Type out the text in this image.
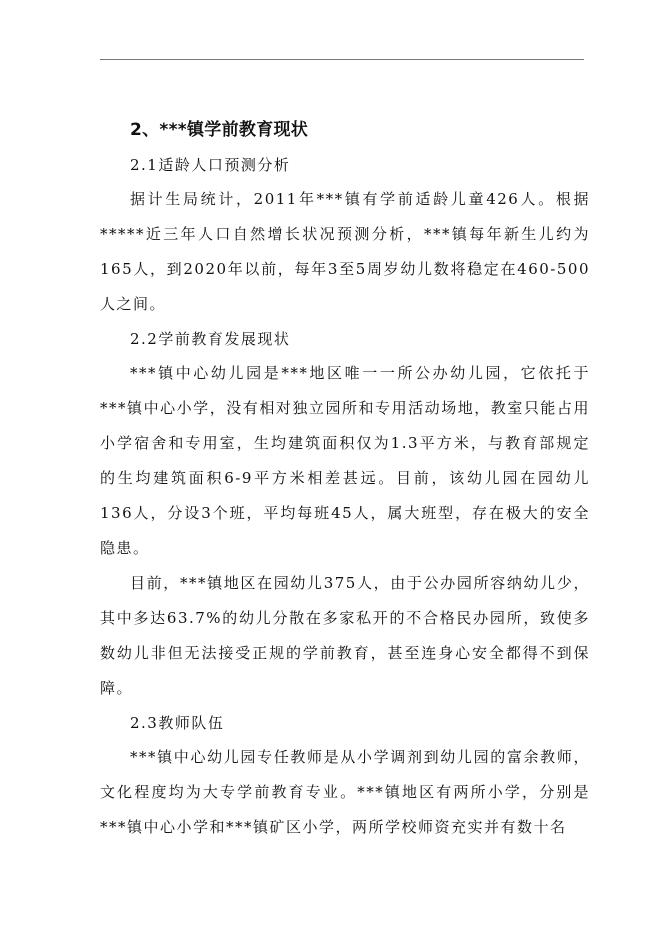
2、***镇学前教育现状
2.1适龄人口预测分析

据计生局统计，2011年***镇有学前适龄儿童426人。根据*****近三年人口自然增长状况预测分析，***镇每年新生儿约为165人，到2020年以前，每年3至5周岁幼儿数将稳定在460-500人之间。

2.2学前教育发展现状

***镇中心幼儿园是***地区唯一一所公办幼儿园，它依托于***镇中心小学，没有相对独立园所和专用活动场地，教室只能占用小学宿舍和专用室，生均建筑面积仅为1.3平方米，与教育部规定的生均建筑面积6-9平方米相差甚远。目前，该幼儿园在园幼儿136人，分设3个班，平均每班45人，属大班型，存在极大的安全隐患。

目前，***镇地区在园幼儿375人，由于公办园所容纳幼儿少，其中多达63.7%的幼儿分散在多家私开的不合格民办园所，致使多数幼儿非但无法接受正规的学前教育，甚至连身心安全都得不到保障。

2.3教师队伍

***镇中心幼儿园专任教师是从小学调剂到幼儿园的富余教师，文化程度均为大专学前教育专业。***镇地区有两所小学，分别是***镇中心小学和***镇矿区小学，两所学校师资充实并有数十名
